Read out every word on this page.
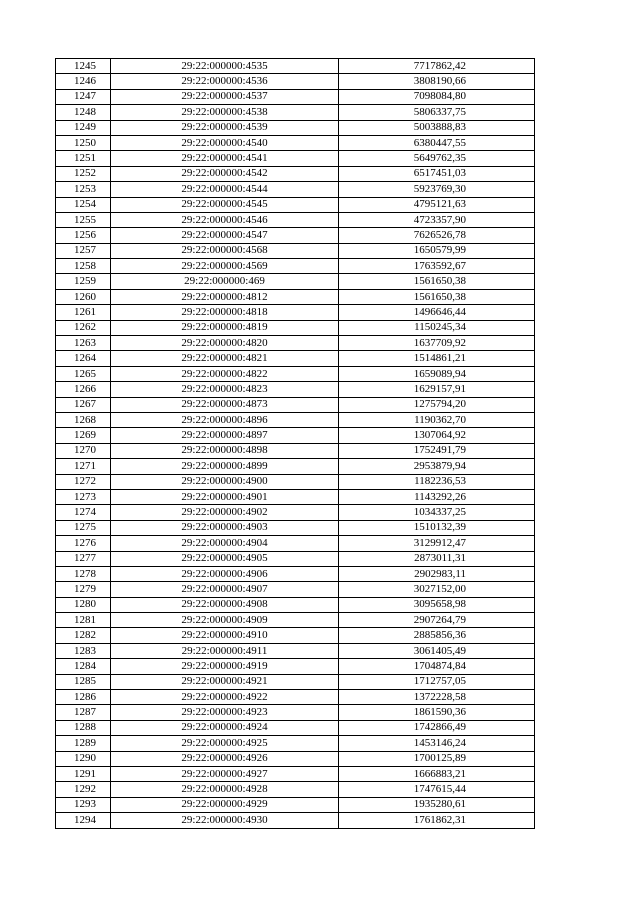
1245	29:22:000000:4535	7717862,42
1246	29:22:000000:4536	3808190,66
1247	29:22:000000:4537	7098084,80
1248	29:22:000000:4538	5806337,75
1249	29:22:000000:4539	5003888,83
1250	29:22:000000:4540	6380447,55
1251	29:22:000000:4541	5649762,35
1252	29:22:000000:4542	6517451,03
1253	29:22:000000:4544	5923769,30
1254	29:22:000000:4545	4795121,63
1255	29:22:000000:4546	4723357,90
1256	29:22:000000:4547	7626526,78
1257	29:22:000000:4568	1650579,99
1258	29:22:000000:4569	1763592,67
1259	29:22:000000:469	1561650,38
1260	29:22:000000:4812	1561650,38
1261	29:22:000000:4818	1496646,44
1262	29:22:000000:4819	1150245,34
1263	29:22:000000:4820	1637709,92
1264	29:22:000000:4821	1514861,21
1265	29:22:000000:4822	1659089,94
1266	29:22:000000:4823	1629157,91
1267	29:22:000000:4873	1275794,20
1268	29:22:000000:4896	1190362,70
1269	29:22:000000:4897	1307064,92
1270	29:22:000000:4898	1752491,79
1271	29:22:000000:4899	2953879,94
1272	29:22:000000:4900	1182236,53
1273	29:22:000000:4901	1143292,26
1274	29:22:000000:4902	1034337,25
1275	29:22:000000:4903	1510132,39
1276	29:22:000000:4904	3129912,47
1277	29:22:000000:4905	2873011,31
1278	29:22:000000:4906	2902983,11
1279	29:22:000000:4907	3027152,00
1280	29:22:000000:4908	3095658,98
1281	29:22:000000:4909	2907264,79
1282	29:22:000000:4910	2885856,36
1283	29:22:000000:4911	3061405,49
1284	29:22:000000:4919	1704874,84
1285	29:22:000000:4921	1712757,05
1286	29:22:000000:4922	1372228,58
1287	29:22:000000:4923	1861590,36
1288	29:22:000000:4924	1742866,49
1289	29:22:000000:4925	1453146,24
1290	29:22:000000:4926	1700125,89
1291	29:22:000000:4927	1666883,21
1292	29:22:000000:4928	1747615,44
1293	29:22:000000:4929	1935280,61
1294	29:22:000000:4930	1761862,31
